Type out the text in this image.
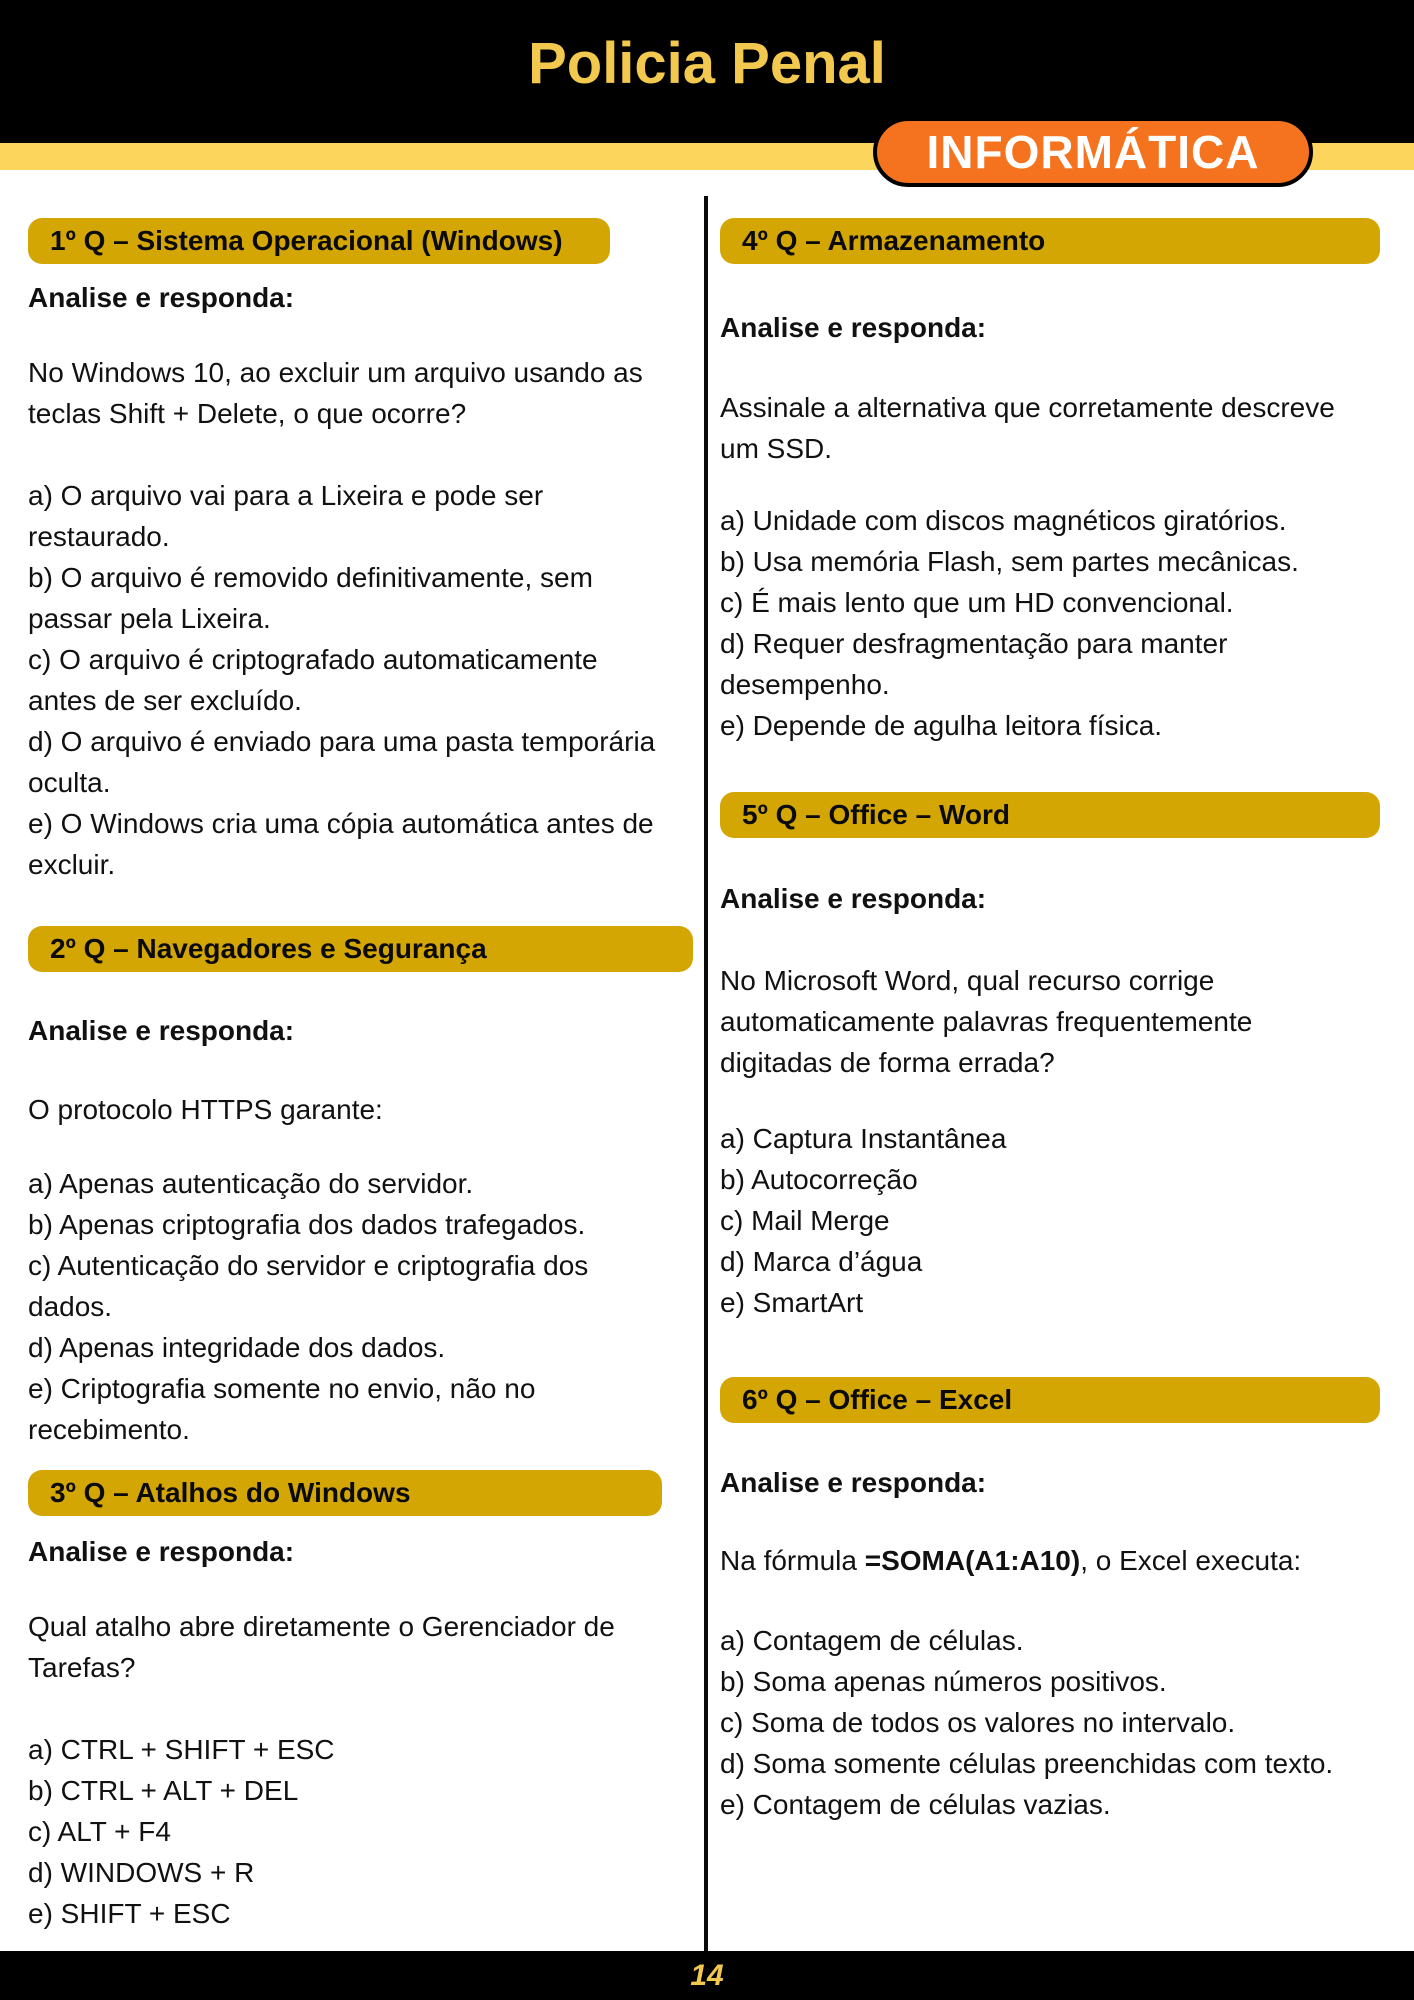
Policia Penal
INFORMÁTICA
1º Q – Sistema Operacional (Windows)

Analise e responda:

No Windows 10, ao excluir um arquivo usando as teclas Shift + Delete, o que ocorre?

a) O arquivo vai para a Lixeira e pode ser restaurado.

b) O arquivo é removido definitivamente, sem passar pela Lixeira.

c) O arquivo é criptografado automaticamente antes de ser excluído.

d) O arquivo é enviado para uma pasta temporária oculta.

e) O Windows cria uma cópia automática antes de excluir.

2º Q – Navegadores e Segurança

Analise e responda:

O protocolo HTTPS garante:

a) Apenas autenticação do servidor.

b) Apenas criptografia dos dados trafegados.

c) Autenticação do servidor e criptografia dos dados.

d) Apenas integridade dos dados.

e) Criptografia somente no envio, não no recebimento.

3º Q – Atalhos do Windows

Analise e responda:

Qual atalho abre diretamente o Gerenciador de Tarefas?

a) CTRL + SHIFT + ESC

b) CTRL + ALT + DEL

c) ALT + F4

d) WINDOWS + R

e) SHIFT + ESC

4º Q – Armazenamento

Analise e responda:

Assinale a alternativa que corretamente descreve um SSD.

a) Unidade com discos magnéticos giratórios.

b) Usa memória Flash, sem partes mecânicas.

c) É mais lento que um HD convencional.

d) Requer desfragmentação para manter desempenho.

e) Depende de agulha leitora física.

5º Q – Office – Word

Analise e responda:

No Microsoft Word, qual recurso corrige automaticamente palavras frequentemente digitadas de forma errada?

a) Captura Instantânea

b) Autocorreção

c) Mail Merge

d) Marca d’água

e) SmartArt

6º Q – Office – Excel

Analise e responda:

Na fórmula =SOMA(A1:A10), o Excel executa:

a) Contagem de células.

b) Soma apenas números positivos.

c) Soma de todos os valores no intervalo.

d) Soma somente células preenchidas com texto.

e) Contagem de células vazias.

14
